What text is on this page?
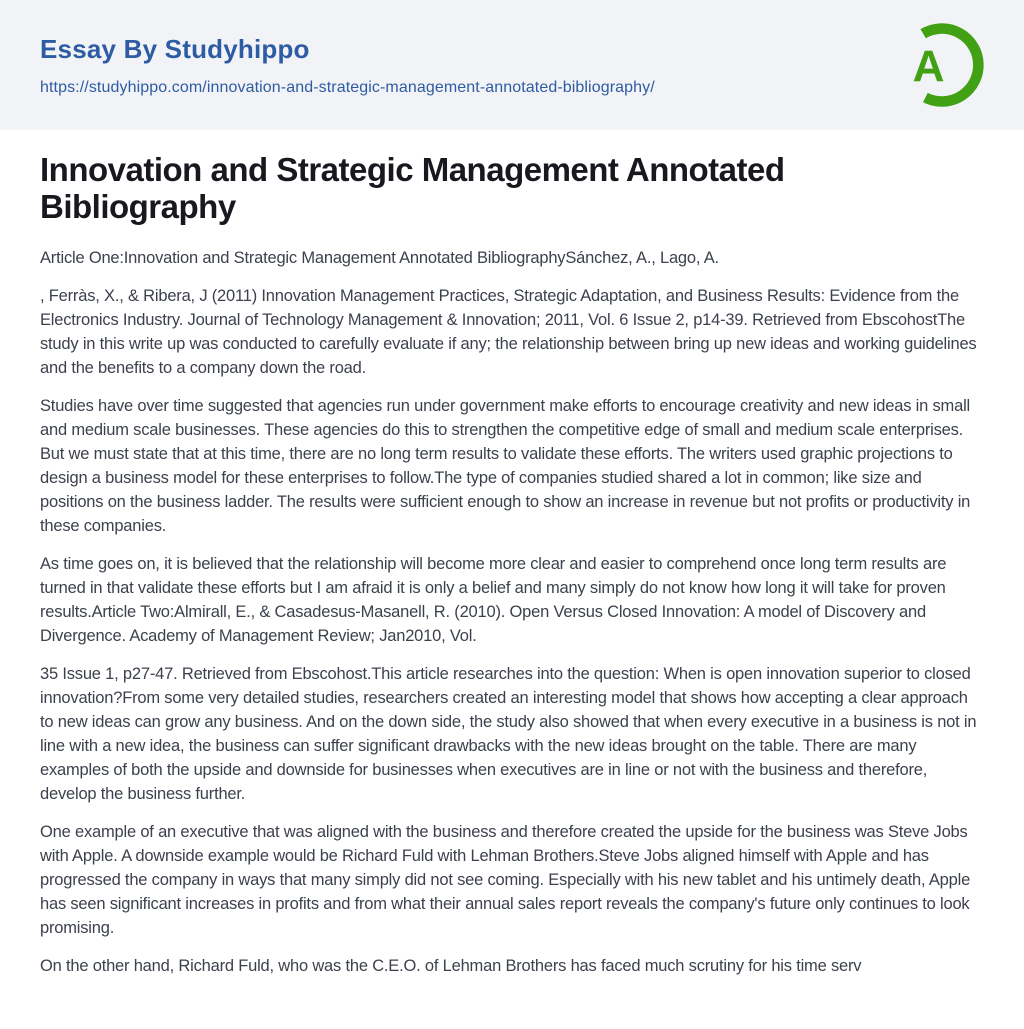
Essay By Studyhippo
https://studyhippo.com/innovation-and-strategic-management-annotated-bibliography/	A
Innovation and Strategic Management Annotated Bibliography

Article One:Innovation and Strategic Management Annotated BibliographySánchez, A., Lago, A.

, Ferràs, X., & Ribera, J (2011) Innovation Management Practices, Strategic Adaptation, and Business Results: Evidence from the Electronics Industry. Journal of Technology Management & Innovation; 2011, Vol. 6 Issue 2, p14-39. Retrieved from EbscohostThe study in this write up was conducted to carefully evaluate if any; the relationship between bring up new ideas and working guidelines and the benefits to a company down the road.

Studies have over time suggested that agencies run under government make efforts to encourage creativity and new ideas in small and medium scale businesses. These agencies do this to strengthen the competitive edge of small and medium scale enterprises. But we must state that at this time, there are no long term results to validate these efforts. The writers used graphic projections to design a business model for these enterprises to follow.The type of companies studied shared a lot in common; like size and positions on the business ladder. The results were sufficient enough to show an increase in revenue but not profits or productivity in these companies.

As time goes on, it is believed that the relationship will become more clear and easier to comprehend once long term results are turned in that validate these efforts but I am afraid it is only a belief and many simply do not know how long it will take for proven results.Article Two:Almirall, E., & Casadesus-Masanell, R. (2010). Open Versus Closed Innovation: A model of Discovery and Divergence. Academy of Management Review; Jan2010, Vol.

35 Issue 1, p27-47. Retrieved from Ebscohost.This article researches into the question: When is open innovation superior to closed innovation?From some very detailed studies, researchers created an interesting model that shows how accepting a clear approach to new ideas can grow any business. And on the down side, the study also showed that when every executive in a business is not in line with a new idea, the business can suffer significant drawbacks with the new ideas brought on the table. There are many examples of both the upside and downside for businesses when executives are in line or not with the business and therefore, develop the business further.

One example of an executive that was aligned with the business and therefore created the upside for the business was Steve Jobs with Apple. A downside example would be Richard Fuld with Lehman Brothers.Steve Jobs aligned himself with Apple and has progressed the company in ways that many simply did not see coming. Especially with his new tablet and his untimely death, Apple has seen significant increases in profits and from what their annual sales report reveals the company's future only continues to look promising.

On the other hand, Richard Fuld, who was the C.E.O. of Lehman Brothers has faced much scrutiny for his time serv
